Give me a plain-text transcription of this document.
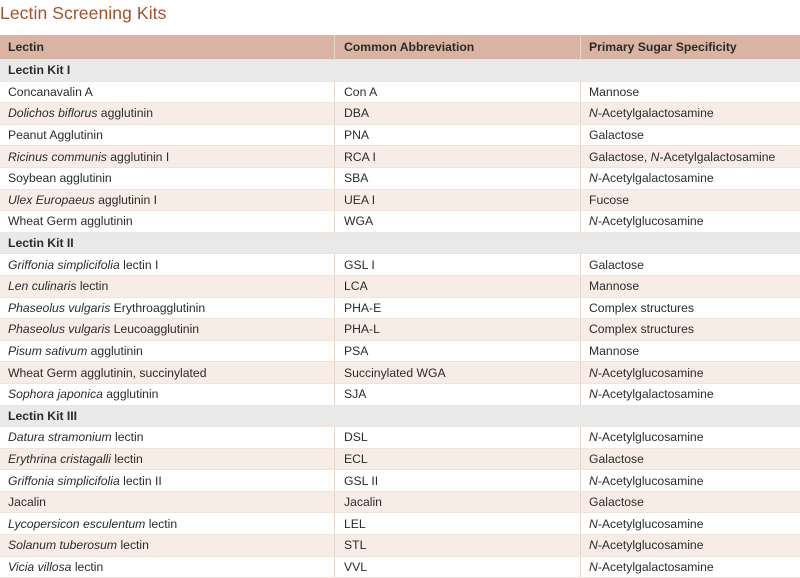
Lectin Screening Kits
Lectin	Common Abbreviation	Primary Sugar Specificity
Lectin Kit I
Concanavalin A	Con A	Mannose
Dolichos biflorus agglutinin	DBA	N -Acetylgalactosamine
Peanut Agglutinin	PNA	Galactose
Ricinus communis agglutinin I	RCA I	Galactose, N -Acetylgalactosamine
Soybean agglutinin	SBA	N -Acetylgalactosamine
Ulex Europaeus agglutinin I	UEA I	Fucose
Wheat Germ agglutinin	WGA	N -Acetylglucosamine
Lectin Kit II
Griffonia simplicifolia lectin I	GSL I	Galactose
Len culinaris lectin	LCA	Mannose
Phaseolus vulgaris Erythroagglutinin	PHA-E	Complex structures
Phaseolus vulgaris Leucoagglutinin	PHA-L	Complex structures
Pisum sativum agglutinin	PSA	Mannose
Wheat Germ agglutinin, succinylated	Succinylated WGA	N -Acetylglucosamine
Sophora japonica agglutinin	SJA	N -Acetylgalactosamine
Lectin Kit III
Datura stramonium lectin	DSL	N -Acetylglucosamine
Erythrina cristagalli lectin	ECL	Galactose
Griffonia simplicifolia lectin II	GSL II	N -Acetylglucosamine
Jacalin	Jacalin	Galactose
Lycopersicon esculentum lectin	LEL	N -Acetylglucosamine
Solanum tuberosum lectin	STL	N -Acetylglucosamine
Vicia villosa lectin	VVL	N -Acetylgalactosamine
